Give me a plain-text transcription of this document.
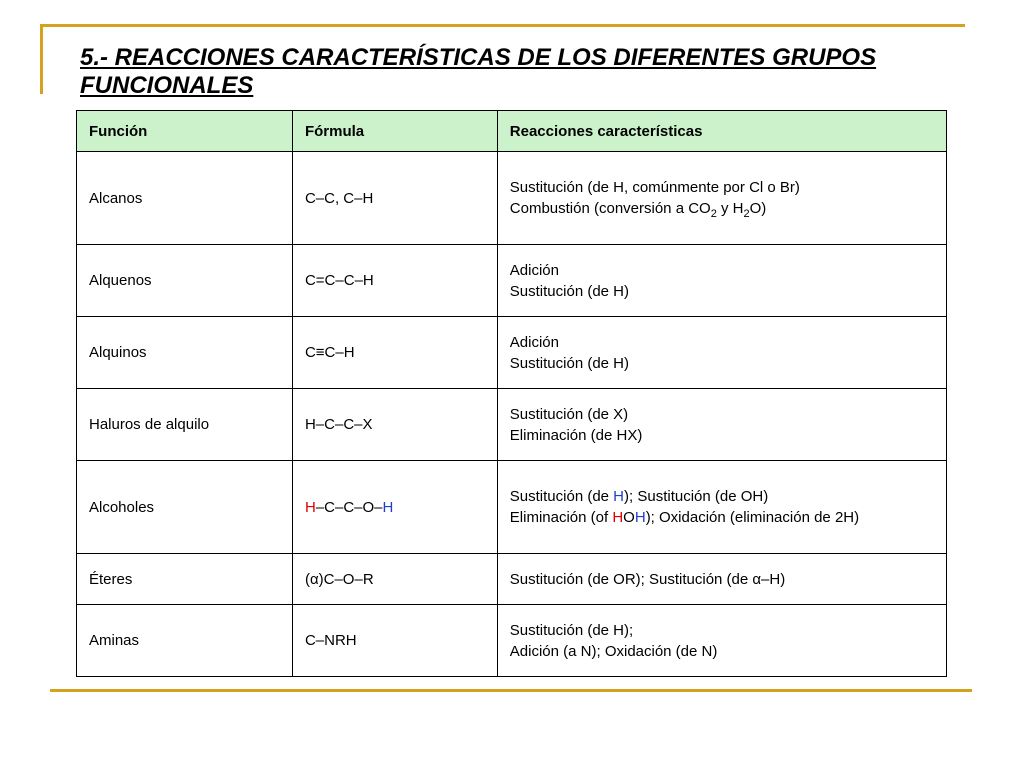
5.- REACCIONES CARACTERÍSTICAS DE LOS DIFERENTES GRUPOS FUNCIONALES
Función	Fórmula	Reacciones características
Alcanos	C–C, C–H	Sustitución (de H, comúnmente por Cl o Br)
Combustión (conversión a $CO_2$ y $H_2O$)

Alquenos	C=C–C–H	Adición
Sustitución (de H)

Alquinos	C≡C–H	Adición
Sustitución (de H)

Haluros de alquilo	H–C–C–X	Sustitución (de X)
Eliminación (de HX)

Alcoholes	H–C–C–O–H	Sustitución (de H); Sustitución (de OH)
Eliminación (of HOH); Oxidación (eliminación de 2H)

Éteres	(α)C–O–R	Sustitución (de OR); Sustitución (de α–H)

Aminas	C–NRH	Sustitución (de H);
Adición (a N); Oxidación (de N)
